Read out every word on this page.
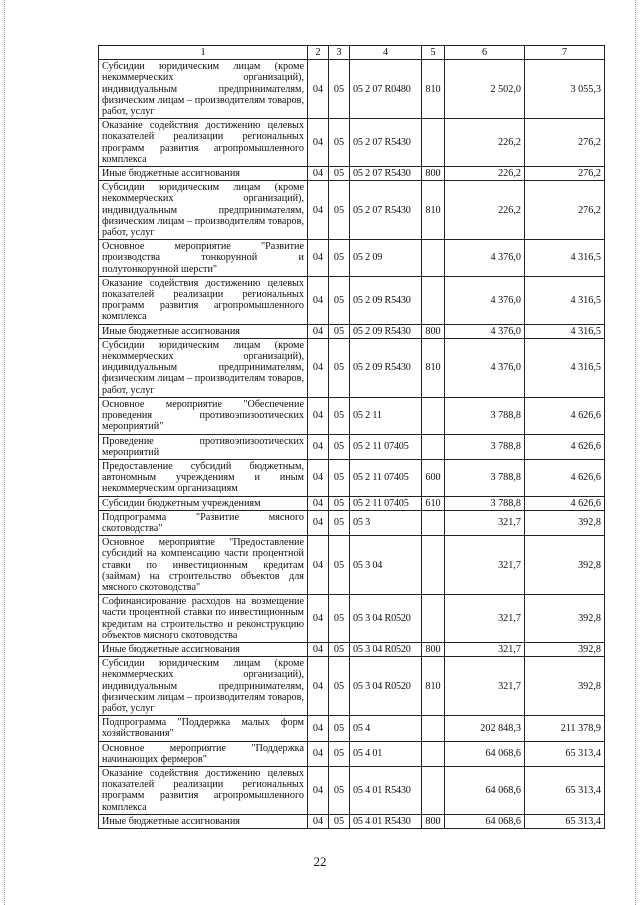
1	2	3	4	5	6	7
Субсидии юридическим лицам (кроме некоммерческих организаций), индивидуальным предпринимателям, физическим лицам – производителям товаров, работ, услуг	04	05	05 2 07 R0480	810	2 502,0	3 055,3
Оказание содействия достижению целевых показателей реализации региональных программ развития агропромышленного комплекса	04	05	05 2 07 R5430		226,2	276,2
Иные бюджетные ассигнования	04	05	05 2 07 R5430	800	226,2	276,2
Субсидии юридическим лицам (кроме некоммерческих организаций), индивидуальным предпринимателям, физическим лицам – производителям товаров, работ, услуг	04	05	05 2 07 R5430	810	226,2	276,2
Основное мероприятие "Развитие производства тонкорунной и полутонкорунной шерсти"	04	05	05 2 09		4 376,0	4 316,5
Оказание содействия достижению целевых показателей реализации региональных программ развития агропромышленного комплекса	04	05	05 2 09 R5430		4 376,0	4 316,5
Иные бюджетные ассигнования	04	05	05 2 09 R5430	800	4 376,0	4 316,5
Субсидии юридическим лицам (кроме некоммерческих организаций), индивидуальным предпринимателям, физическим лицам – производителям товаров, работ, услуг	04	05	05 2 09 R5430	810	4 376,0	4 316,5
Основное мероприятие "Обеспечение проведения противоэпизоотических мероприятий"	04	05	05 2 11		3 788,8	4 626,6
Проведение противоэпизоотических мероприятий	04	05	05 2 11 07405		3 788,8	4 626,6
Предоставление субсидий бюджетным, автономным учреждениям и иным некоммерческим организациям	04	05	05 2 11 07405	600	3 788,8	4 626,6
Субсидии бюджетным учреждениям	04	05	05 2 11 07405	610	3 788,8	4 626,6
Подпрограмма "Развитие мясного скотоводства"	04	05	05 3		321,7	392,8
Основное мероприятие "Предоставление субсидий на компенсацию части процентной ставки по инвестиционным кредитам (займам) на строительство объектов для мясного скотоводства"	04	05	05 3 04		321,7	392,8
Софинансирование расходов на возмещение части процентной ставки по инвестиционным кредитам на строительство и реконструкцию объектов мясного скотоводства	04	05	05 3 04 R0520		321,7	392,8
Иные бюджетные ассигнования	04	05	05 3 04 R0520	800	321,7	392,8
Субсидии юридическим лицам (кроме некоммерческих организаций), индивидуальным предпринимателям, физическим лицам – производителям товаров, работ, услуг	04	05	05 3 04 R0520	810	321,7	392,8
Подпрограмма "Поддержка малых форм хозяйствования"	04	05	05 4		202 848,3	211 378,9
Основное мероприятие "Поддержка начинающих фермеров"	04	05	05 4 01		64 068,6	65 313,4
Оказание содействия достижению целевых показателей реализации региональных программ развития агропромышленного комплекса	04	05	05 4 01 R5430		64 068,6	65 313,4
Иные бюджетные ассигнования	04	05	05 4 01 R5430	800	64 068,6	65 313,4
22
